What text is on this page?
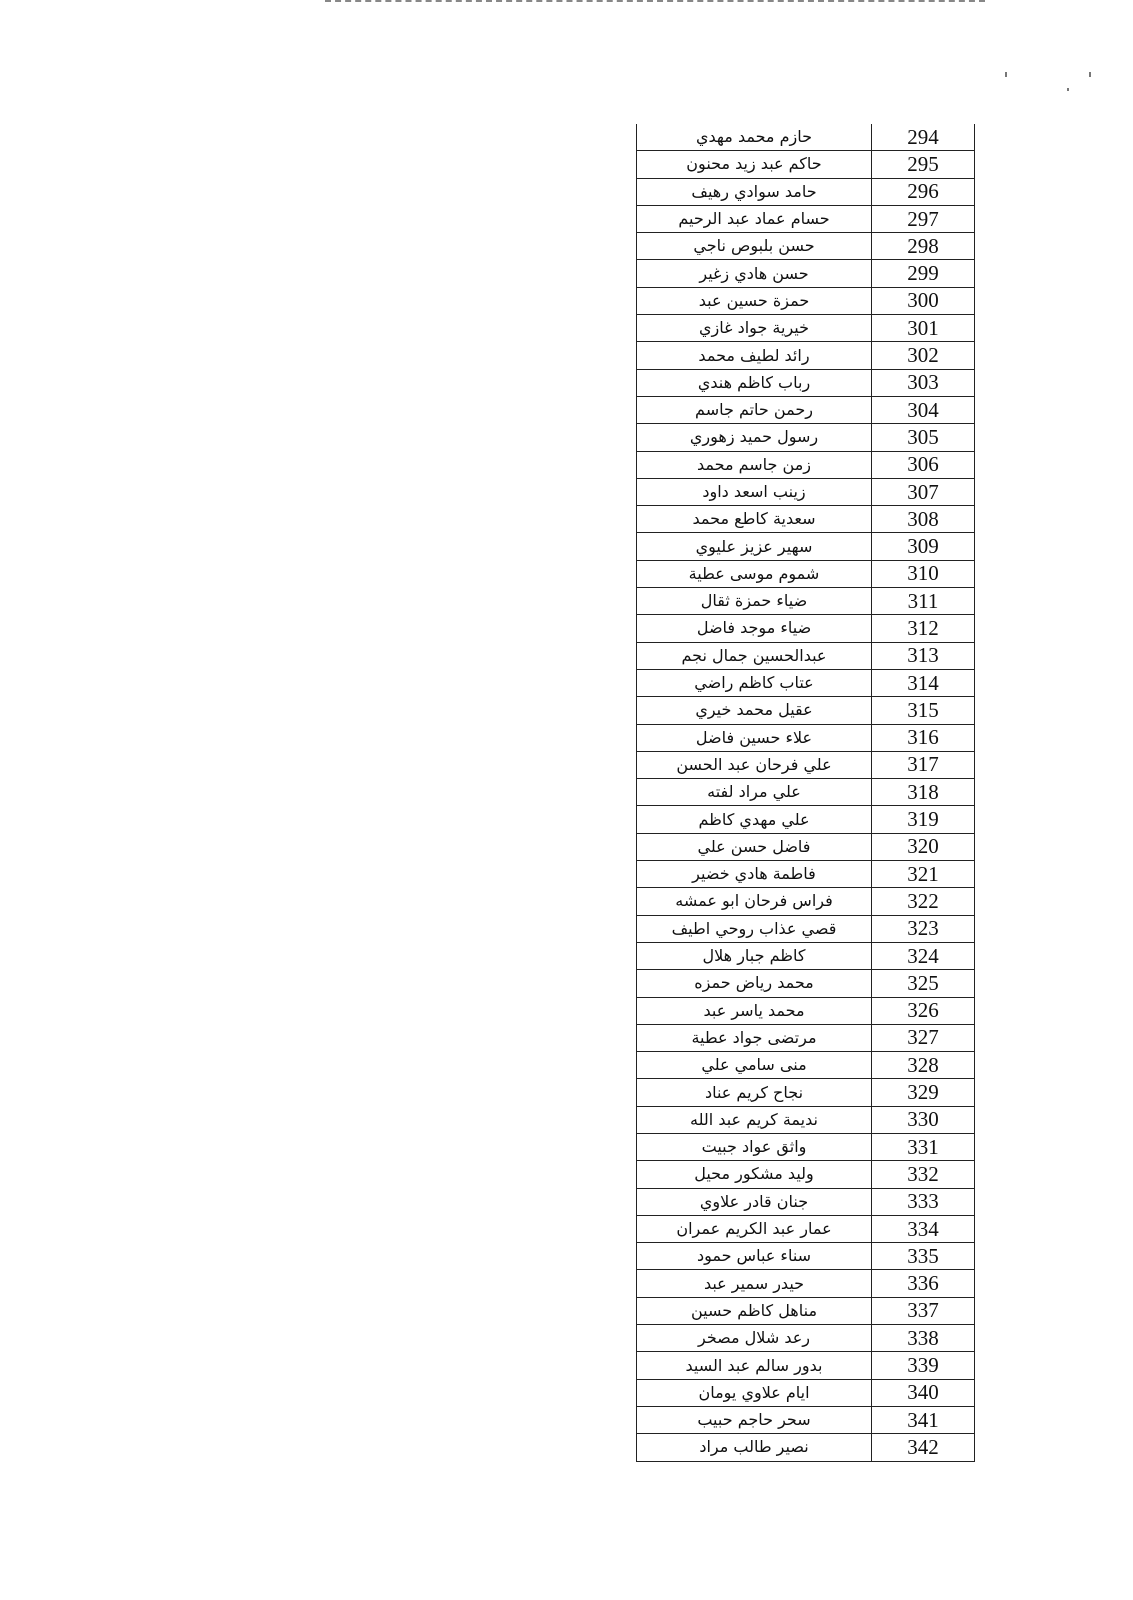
حازم محمد مهدي	294
حاكم عبد زيد محنون	295
حامد سوادي رهيف	296
حسام عماد عبد الرحيم	297
حسن بلبوص ناجي	298
حسن هادي زغير	299
حمزة حسين عبد	300
خيرية جواد غازي	301
رائد لطيف محمد	302
رباب كاظم هندي	303
رحمن حاتم جاسم	304
رسول حميد زهوري	305
زمن جاسم محمد	306
زينب اسعد داود	307
سعدية كاطع محمد	308
سهير عزيز عليوي	309
شموم موسى عطية	310
ضياء حمزة ثقال	311
ضياء موجد فاضل	312
عبدالحسين جمال نجم	313
عتاب كاظم راضي	314
عقيل محمد خيري	315
علاء حسين فاضل	316
علي فرحان عبد الحسن	317
علي مراد لفته	318
علي مهدي كاظم	319
فاضل حسن علي	320
فاطمة هادي خضير	321
فراس فرحان ابو عمشه	322
قصي عذاب روحي اطيف	323
كاظم جبار هلال	324
محمد رياض حمزه	325
محمد ياسر عبد	326
مرتضى جواد عطية	327
منى سامي علي	328
نجاح كريم عناد	329
نديمة كريم عبد الله	330
واثق عواد جبيت	331
وليد مشكور محيل	332
جنان قادر علاوي	333
عمار عبد الكريم عمران	334
سناء عباس حمود	335
حيدر سمير عبد	336
مناهل كاظم حسين	337
رعد شلال مصخر	338
بدور سالم عبد السيد	339
ايام علاوي يومان	340
سحر حاجم حبيب	341
نصير طالب مراد	342
